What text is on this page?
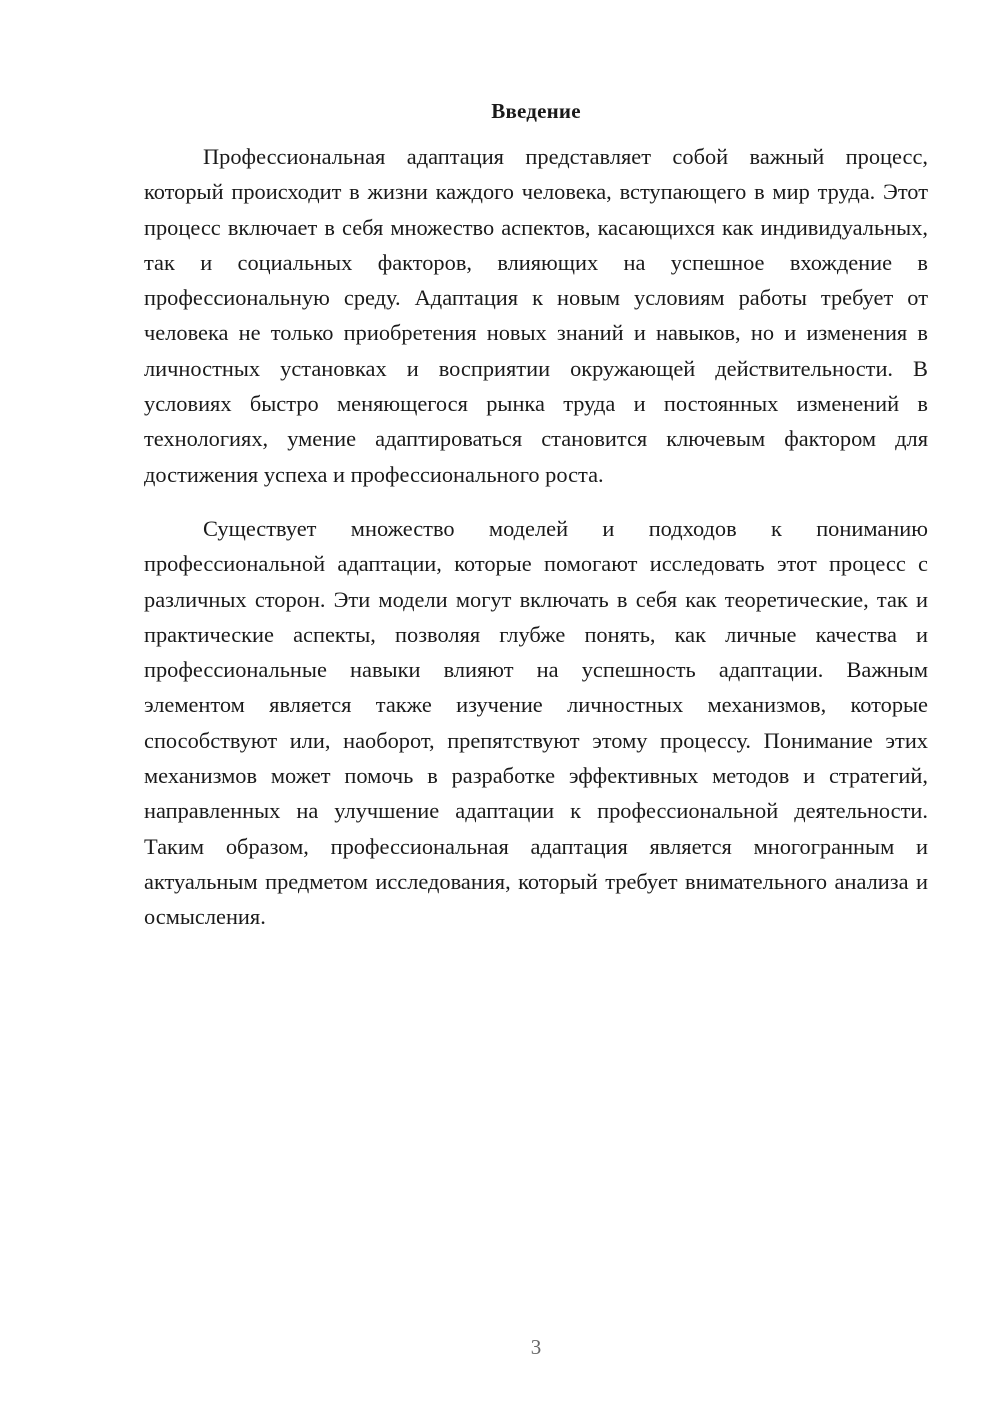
Введение

Профессиональная адаптация представляет собой важный процесс, который происходит в жизни каждого человека, вступающего в мир труда. Этот процесс включает в себя множество аспектов, касающихся как индивидуальных, так и социальных факторов, влияющих на успешное вхождение в профессиональную среду. Адаптация к новым условиям работы требует от человека не только приобретения новых знаний и навыков, но и изменения в личностных установках и восприятии окружающей действительности. В условиях быстро меняющегося рынка труда и постоянных изменений в технологиях, умение адаптироваться становится ключевым фактором для достижения успеха и профессионального роста.

Существует множество моделей и подходов к пониманию профессиональной адаптации, которые помогают исследовать этот процесс с различных сторон. Эти модели могут включать в себя как теоретические, так и практические аспекты, позволяя глубже понять, как личные качества и профессиональные навыки влияют на успешность адаптации. Важным элементом является также изучение личностных механизмов, которые способствуют или, наоборот, препятствуют этому процессу. Понимание этих механизмов может помочь в разработке эффективных методов и стратегий, направленных на улучшение адаптации к профессиональной деятельности. Таким образом, профессиональная адаптация является многогранным и актуальным предметом исследования, который требует внимательного анализа и осмысления.

3
